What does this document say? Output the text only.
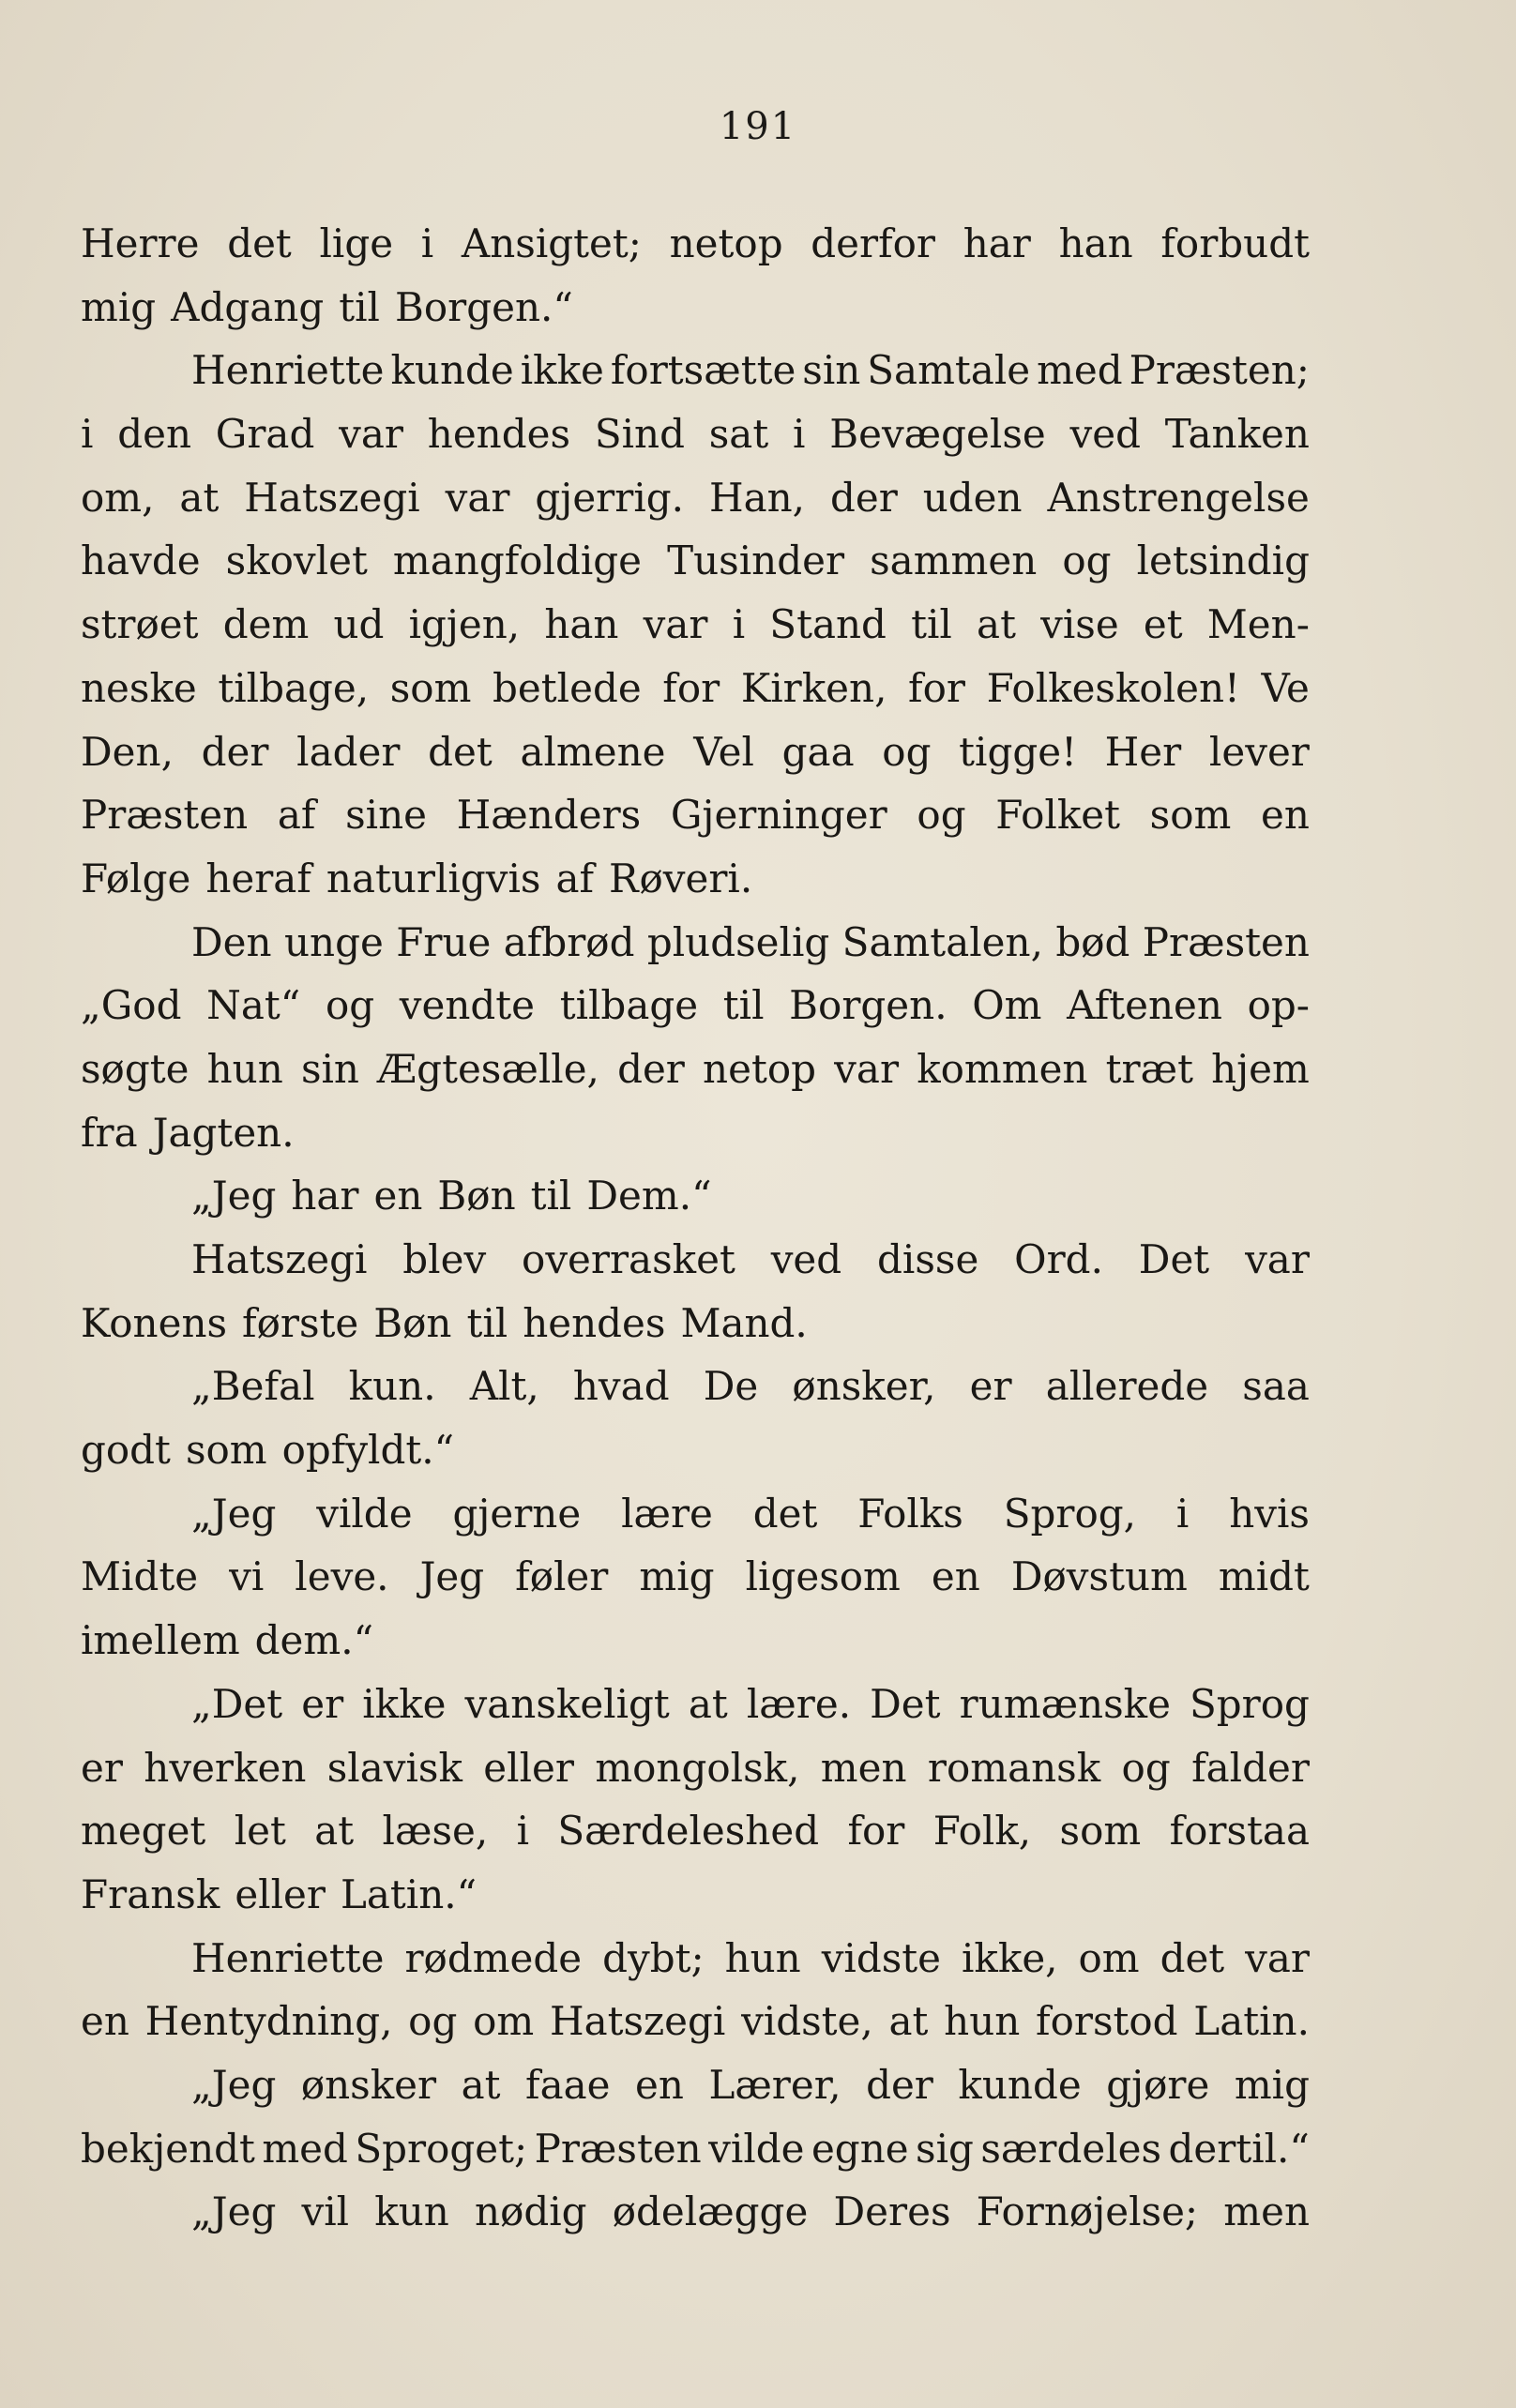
191
Herre det lige i Ansigtet; netop derfor har han forbudt
mig Adgang til Borgen.“
Henriette kunde ikke fortsætte sin Samtale med Præsten;
i den Grad var hendes Sind sat i Bevægelse ved Tanken
om, at Hatszegi var gjerrig. Han, der uden Anstrengelse
havde skovlet mangfoldige Tusinder sammen og letsindig
strøet dem ud igjen, han var i Stand til at vise et Men-
neske tilbage, som betlede for Kirken, for Folkeskolen! Ve
Den, der lader det almene Vel gaa og tigge! Her lever
Præsten af sine Hænders Gjerninger og Folket som en
Følge heraf naturligvis af Røveri.
Den unge Frue afbrød pludselig Samtalen, bød Præsten
„God Nat“ og vendte tilbage til Borgen. Om Aftenen op-
søgte hun sin Ægtesælle, der netop var kommen træt hjem
fra Jagten.
„Jeg har en Bøn til Dem.“
Hatszegi blev overrasket ved disse Ord. Det var
Konens første Bøn til hendes Mand.
„Befal kun. Alt, hvad De ønsker, er allerede saa
godt som opfyldt.“
„Jeg vilde gjerne lære det Folks Sprog, i hvis
Midte vi leve. Jeg føler mig ligesom en Døvstum midt
imellem dem.“
„Det er ikke vanskeligt at lære. Det rumænske Sprog
er hverken slavisk eller mongolsk, men romansk og falder
meget let at læse, i Særdeleshed for Folk, som forstaa
Fransk eller Latin.“
Henriette rødmede dybt; hun vidste ikke, om det var
en Hentydning, og om Hatszegi vidste, at hun forstod Latin.
„Jeg ønsker at faae en Lærer, der kunde gjøre mig
bekjendt med Sproget; Præsten vilde egne sig særdeles dertil.“
„Jeg vil kun nødig ødelægge Deres Fornøjelse; men
